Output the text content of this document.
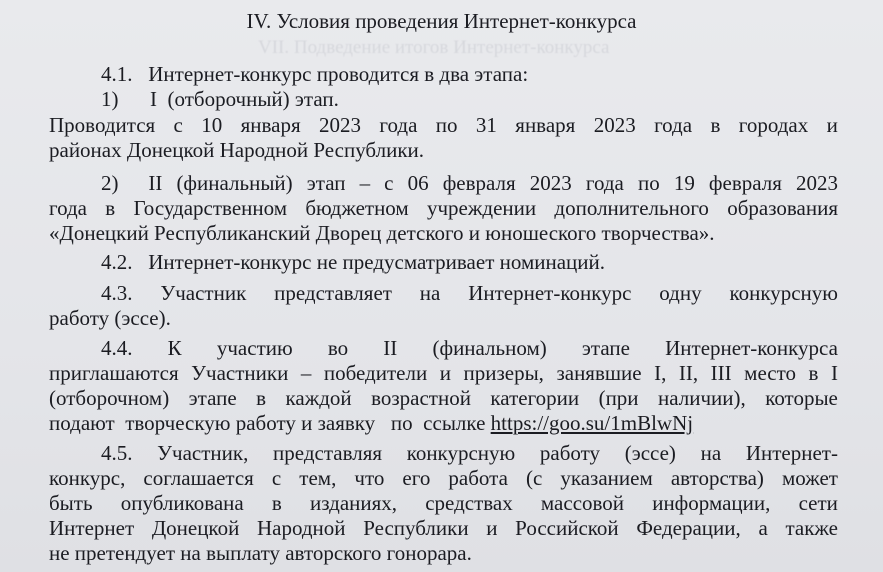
VII. Подведение итогов Интернет-конкурса
IV. Условия проведения Интернет-конкурса
4.1.   Интернет-конкурс проводится в два этапа:
1)      I  (отборочный) этап.
Проводится с 10 января 2023 года по 31 января 2023 года в городах и
районах Донецкой Народной Республики.
2) II (финальный) этап – с 06 февраля 2023 года по 19 февраля 2023
года в Государственном бюджетном учреждении дополнительного образования
«Донецкий Республиканский Дворец детского и юношеского творчества».
4.2.   Интернет-конкурс не предусматривает номинаций.
4.3. Участник представляет на Интернет-конкурс одну конкурсную
работу (эссе).
4.4. К участию во II (финальном) этапе Интернет-конкурса
приглашаются Участники – победители и призеры, занявшие I, II, III место в I
(отборочном) этапе в каждой возрастной категории (при наличии), которые
подают  творческую работу и заявку   по  ссылке https://goo.su/1mBlwNj
4.5. Участник, представляя конкурсную работу (эссе) на Интернет-
конкурс, соглашается с тем, что его работа (с указанием авторства) может
быть опубликована в изданиях, средствах массовой информации, сети
Интернет Донецкой Народной Республики и Российской Федерации, а также
не претендует на выплату авторского гонорара.
